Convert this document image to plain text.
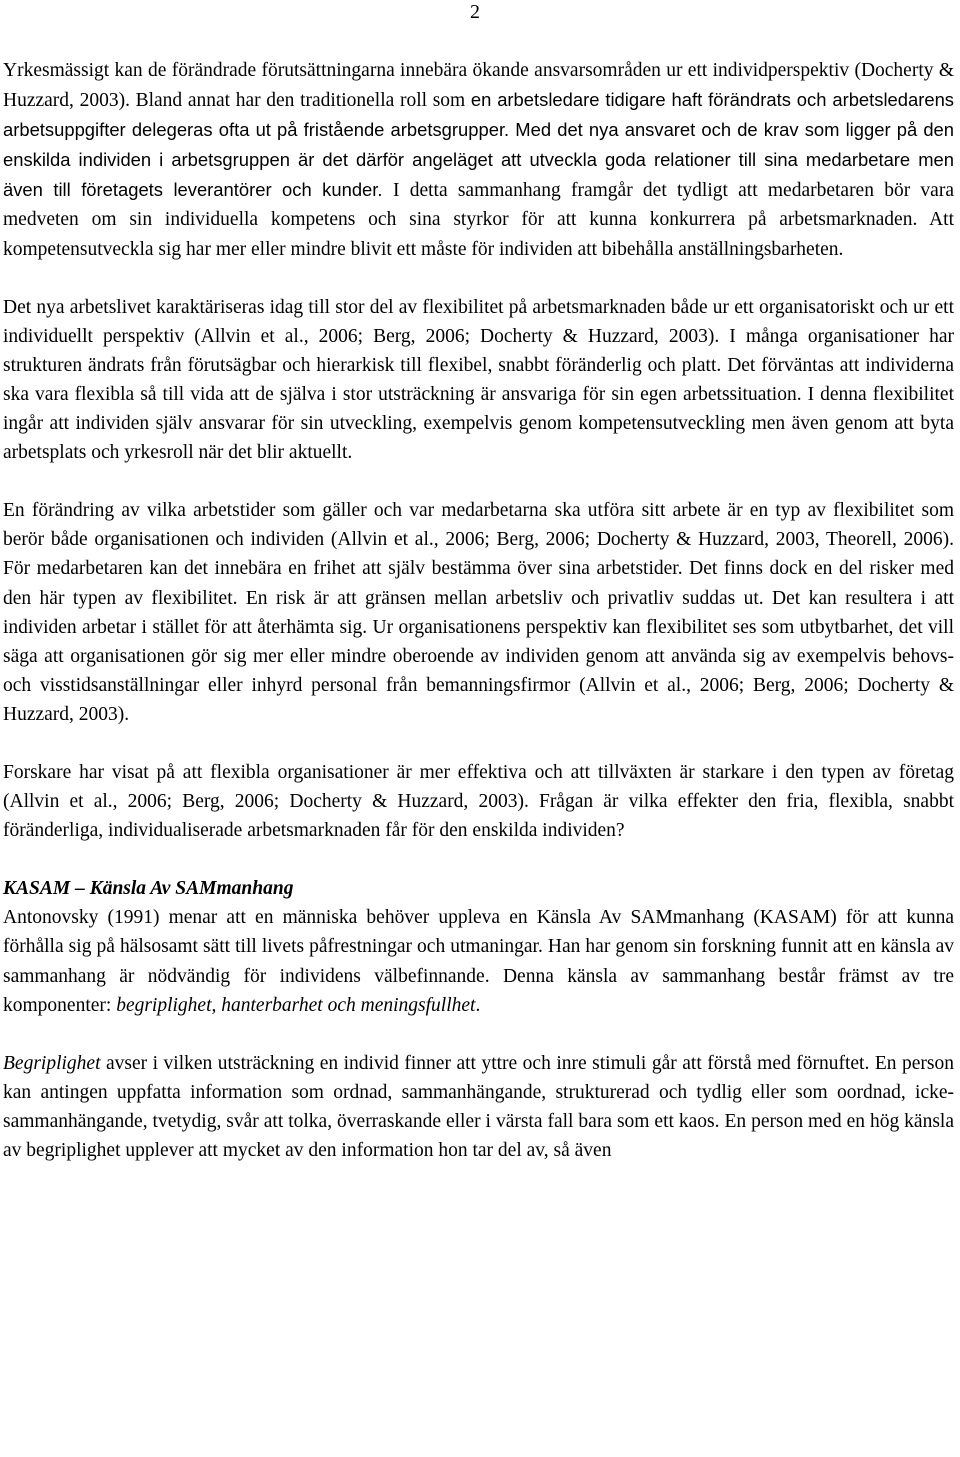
2

Yrkesmässigt kan de förändrade förutsättningarna innebära ökande ansvarsområden ur ett individperspektiv (Docherty & Huzzard, 2003). Bland annat har den traditionella roll som en arbetsledare tidigare haft förändrats och arbetsledarens arbetsuppgifter delegeras ofta ut på fristående arbetsgrupper. Med det nya ansvaret och de krav som ligger på den enskilda individen i arbetsgruppen är det därför angeläget att utveckla goda relationer till sina medarbetare men även till företagets leverantörer och kunder. I detta sammanhang framgår det tydligt att medarbetaren bör vara medveten om sin individuella kompetens och sina styrkor för att kunna konkurrera på arbetsmarknaden. Att kompetensutveckla sig har mer eller mindre blivit ett måste för individen att bibehålla anställningsbarheten.

Det nya arbetslivet karaktäriseras idag till stor del av flexibilitet på arbetsmarknaden både ur ett organisatoriskt och ur ett individuellt perspektiv (Allvin et al., 2006; Berg, 2006; Docherty & Huzzard, 2003). I många organisationer har strukturen ändrats från förutsägbar och hierarkisk till flexibel, snabbt föränderlig och platt. Det förväntas att individerna ska vara flexibla så till vida att de själva i stor utsträckning är ansvariga för sin egen arbetssituation. I denna flexibilitet ingår att individen själv ansvarar för sin utveckling, exempelvis genom kompetensutveckling men även genom att byta arbetsplats och yrkesroll när det blir aktuellt.

En förändring av vilka arbetstider som gäller och var medarbetarna ska utföra sitt arbete är en typ av flexibilitet som berör både organisationen och individen (Allvin et al., 2006; Berg, 2006; Docherty & Huzzard, 2003, Theorell, 2006). För medarbetaren kan det innebära en frihet att själv bestämma över sina arbetstider. Det finns dock en del risker med den här typen av flexibilitet. En risk är att gränsen mellan arbetsliv och privatliv suddas ut. Det kan resultera i att individen arbetar i stället för att återhämta sig. Ur organisationens perspektiv kan flexibilitet ses som utbytbarhet, det vill säga att organisationen gör sig mer eller mindre oberoende av individen genom att använda sig av exempelvis behovs- och visstidsanställningar eller inhyrd personal från bemanningsfirmor (Allvin et al., 2006; Berg, 2006; Docherty & Huzzard, 2003).

Forskare har visat på att flexibla organisationer är mer effektiva och att tillväxten är starkare i den typen av företag (Allvin et al., 2006; Berg, 2006; Docherty & Huzzard, 2003). Frågan är vilka effekter den fria, flexibla, snabbt föränderliga, individualiserade arbetsmarknaden får för den enskilda individen?

KASAM – Känsla Av SAMmanhang

Antonovsky (1991) menar att en människa behöver uppleva en Känsla Av SAMmanhang (KASAM) för att kunna förhålla sig på hälsosamt sätt till livets påfrestningar och utmaningar. Han har genom sin forskning funnit att en känsla av sammanhang är nödvändig för individens välbefinnande. Denna känsla av sammanhang består främst av tre komponenter: begriplighet, hanterbarhet och meningsfullhet.

Begriplighet avser i vilken utsträckning en individ finner att yttre och inre stimuli går att förstå med förnuftet. En person kan antingen uppfatta information som ordnad, sammanhängande, strukturerad och tydlig eller som oordnad, icke-sammanhängande, tvetydig, svår att tolka, överraskande eller i värsta fall bara som ett kaos. En person med en hög känsla av begriplighet upplever att mycket av den information hon tar del av, så även
